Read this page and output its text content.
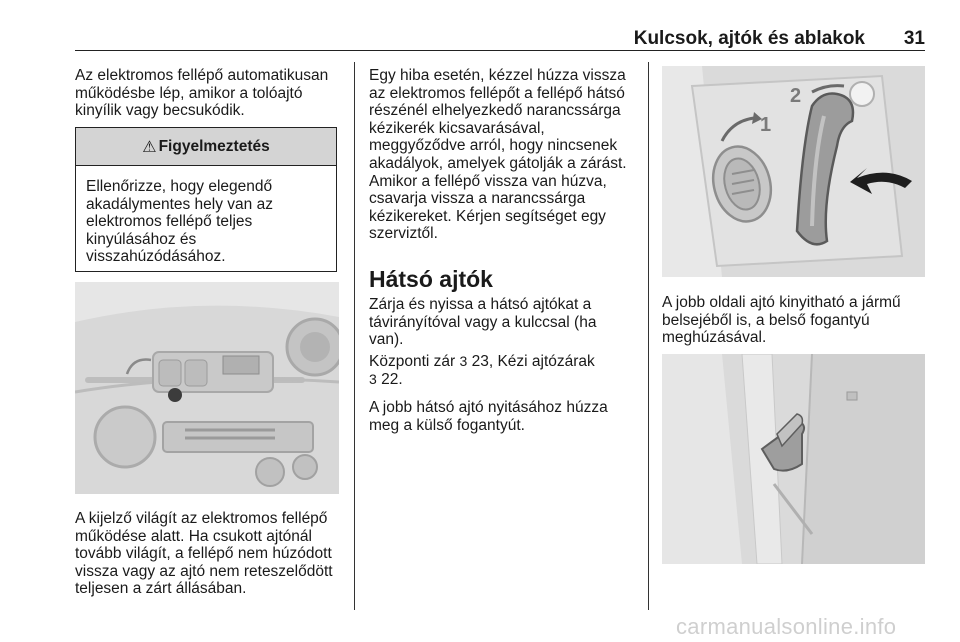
Kulcsok, ajtók és ablakok 31

Az elektromos fellépő automatikusan
működésbe lép, amikor a tolóajtó
kinyílik vagy becsukódik.

⚠ Figyelmeztetés
Ellenőrizze, hogy elegendő
akadálymentes hely van az
elektromos fellépő teljes
kinyúlásához és
visszahúzódásához.

A kijelző világít az elektromos fellépő
működése alatt. Ha csukott ajtónál
tovább világít, a fellépő nem húzódott
vissza vagy az ajtó nem reteszelődött
teljesen a zárt állásában.

Egy hiba esetén, kézzel húzza vissza
az elektromos fellépőt a fellépő hátsó
részénél elhelyezkedő narancssárga
kézikerék kicsavarásával,
meggyőződve arról, hogy nincsenek
akadályok, amelyek gátolják a zárást.
Amikor a fellépő vissza van húzva,
csavarja vissza a narancssárga
kézikereket. Kérjen segítséget egy
szerviztől.

Hátsó ajtók

Zárja és nyissa a hátsó ajtókat a
távirányítóval vagy a kulccsal (ha
van).

Központi zár 3 23, Kézi ajtózárak
3 22.

A jobb hátsó ajtó nyitásához húzza
meg a külső fogantyút.

1
2

A jobb oldali ajtó kinyitható a jármű
belsejéből is, a belső fogantyú
meghúzásával.

carmanualsonline.info
